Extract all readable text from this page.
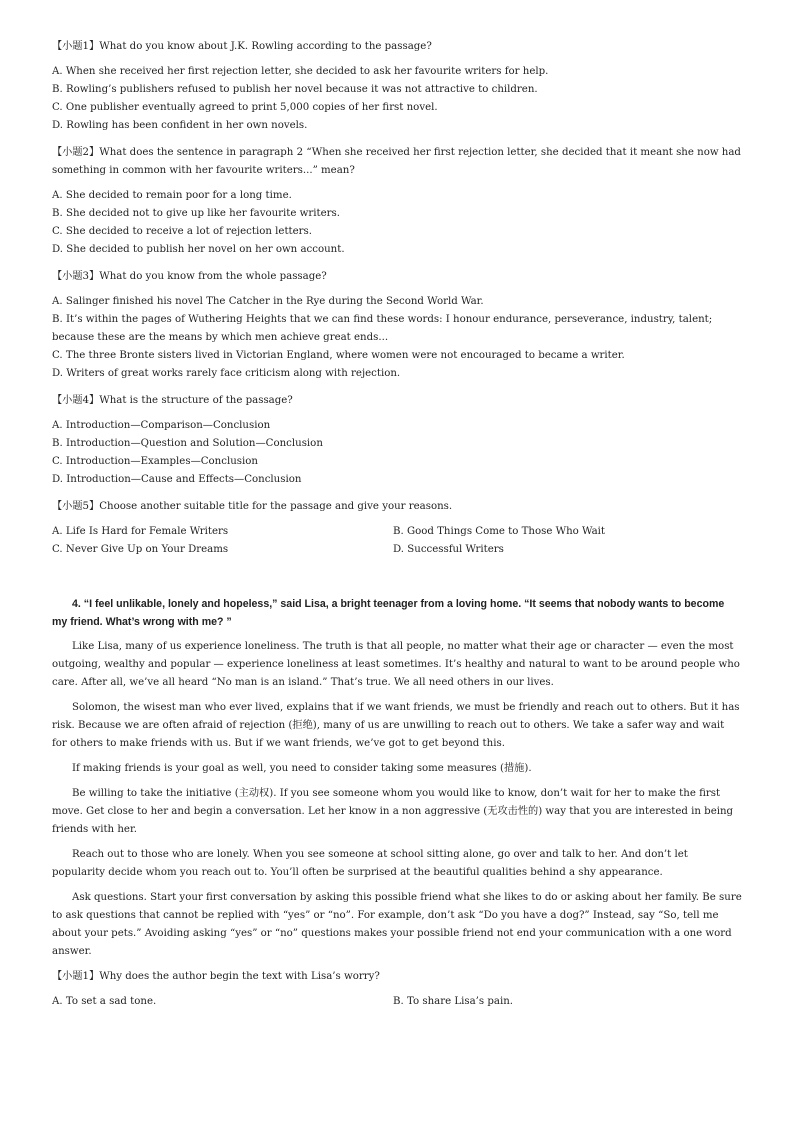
【小题1】What do you know about J.K. Rowling according to the passage?

A. When she received her first rejection letter, she decided to ask her favourite writers for help.

B. Rowling’s publishers refused to publish her novel because it was not attractive to children.

C. One publisher eventually agreed to print 5,000 copies of her first novel.

D. Rowling has been confident in her own novels.

【小题2】What does the sentence in paragraph 2 “When she received her first rejection letter, she decided that it meant she now had something in common with her favourite writers...” mean?

A. She decided to remain poor for a long time.

B. She decided not to give up like her favourite writers.

C. She decided to receive a lot of rejection letters.

D. She decided to publish her novel on her own account.

【小题3】What do you know from the whole passage?

A. Salinger finished his novel The Catcher in the Rye during the Second World War.

B. It’s within the pages of Wuthering Heights that we can find these words: I honour endurance, perseverance, industry, talent; because these are the means by which men achieve great ends...

C. The three Bronte sisters lived in Victorian England, where women were not encouraged to became a writer.

D. Writers of great works rarely face criticism along with rejection.

【小题4】What is the structure of the passage?

A. Introduction—Comparison—Conclusion

B. Introduction—Question and Solution—Conclusion

C. Introduction—Examples—Conclusion

D. Introduction—Cause and Effects—Conclusion

【小题5】Choose another suitable title for the passage and give your reasons.

A. Life Is Hard for Female Writers	B. Good Things Come to Those Who Wait

C. Never Give Up on Your Dreams	D. Successful Writers

4. “I feel unlikable, lonely and hopeless,” said Lisa, a bright teenager from a loving home. “It seems that nobody wants to become my friend. What’s wrong with me? ”

Like Lisa, many of us experience loneliness. The truth is that all people, no matter what their age or character — even the most outgoing, wealthy and popular — experience loneliness at least sometimes. It’s healthy and natural to want to be around people who care. After all, we’ve all heard “No man is an island.” That’s true. We all need others in our lives.

Solomon, the wisest man who ever lived, explains that if we want friends, we must be friendly and reach out to others. But it has risk. Because we are often afraid of rejection (拒绝), many of us are unwilling to reach out to others. We take a safer way and wait for others to make friends with us. But if we want friends, we’ve got to get beyond this.

If making friends is your goal as well, you need to consider taking some measures (措施).

Be willing to take the initiative (主动权). If you see someone whom you would like to know, don’t wait for her to make the first move. Get close to her and begin a conversation. Let her know in a non aggressive (无攻击性的) way that you are interested in being friends with her.

Reach out to those who are lonely. When you see someone at school sitting alone, go over and talk to her. And don’t let popularity decide whom you reach out to. You’ll often be surprised at the beautiful qualities behind a shy appearance.

Ask questions. Start your first conversation by asking this possible friend what she likes to do or asking about her family. Be sure to ask questions that cannot be replied with “yes” or “no”. For example, don’t ask “Do you have a dog?” Instead, say “So, tell me about your pets.” Avoiding asking “yes” or “no” questions makes your possible friend not end your communication with a one word answer.

【小题1】Why does the author begin the text with Lisa’s worry?

A. To set a sad tone.	B. To share Lisa’s pain.
